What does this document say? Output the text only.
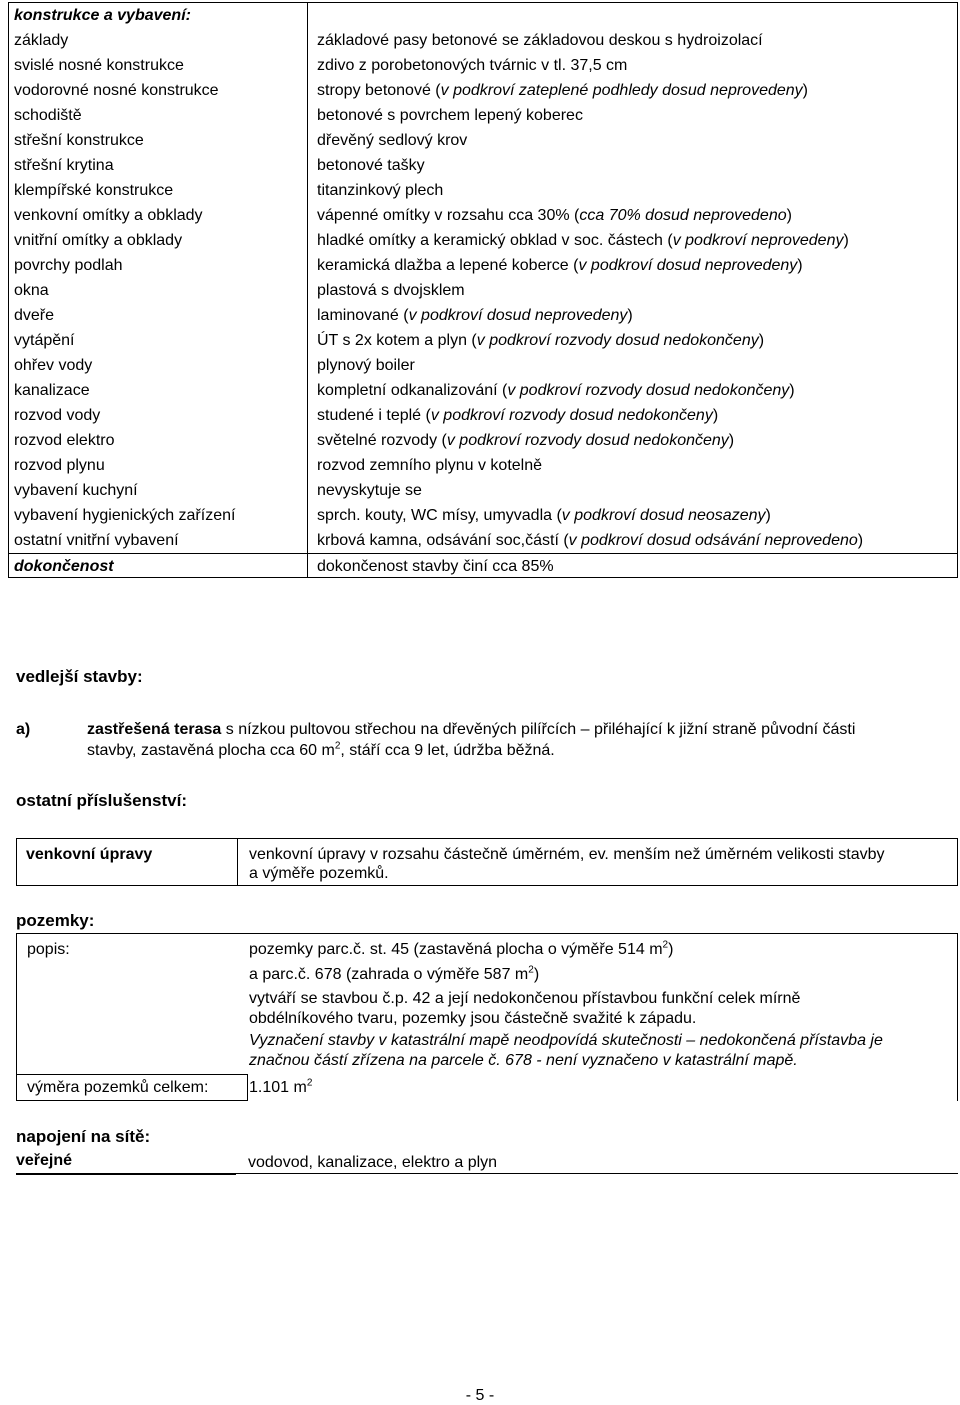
konstrukce a vybavení:
základy	základové pasy betonové se základovou deskou s hydroizolací
svislé nosné konstrukce	zdivo z porobetonových tvárnic v tl. 37,5 cm
vodorovné nosné konstrukce	stropy betonové (v podkroví zateplené podhledy dosud neprovedeny)
schodiště	betonové s povrchem lepený koberec
střešní konstrukce	dřevěný sedlový krov
střešní krytina	betonové tašky
klempířské konstrukce	titanzinkový plech
venkovní omítky a obklady	vápenné omítky v rozsahu cca 30% (cca 70% dosud neprovedeno)
vnitřní omítky a obklady	hladké omítky a keramický obklad v soc. částech (v podkroví neprovedeny)
povrchy podlah	keramická dlažba a lepené koberce (v podkroví dosud neprovedeny)
okna	plastová s dvojsklem
dveře	laminované (v podkroví dosud neprovedeny)
vytápění	ÚT s 2x kotem a plyn (v podkroví rozvody dosud nedokončeny)
ohřev vody	plynový boiler
kanalizace	kompletní odkanalizování (v podkroví rozvody dosud nedokončeny)
rozvod vody	studené i teplé (v podkroví rozvody dosud nedokončeny)
rozvod elektro	světelné rozvody (v podkroví rozvody dosud nedokončeny)
rozvod plynu	rozvod zemního plynu v kotelně
vybavení kuchyní	nevyskytuje se
vybavení hygienických zařízení	sprch. kouty, WC mísy, umyvadla (v podkroví dosud neosazeny)
ostatní vnitřní vybavení	krbová kamna, odsávání soc,částí (v podkroví dosud odsávání neprovedeno)
dokončenost	dokončenost stavby činí cca 85%
vedlejší stavby:
a)	zastřešená terasa s nízkou pultovou střechou na dřevěných pilířcích – přiléhající k jižní straně původní části
stavby, zastavěná plocha cca 60 $m^2$, stáří cca 9 let, údržba běžná.
ostatní příslušenství:
venkovní úpravy	venkovní úpravy v rozsahu částečně úměrném, ev. menším než úměrném velikosti stavby
a výměře pozemků.
pozemky:
popis:	pozemky parc.č. st. 45 (zastavěná plocha o výměře 514 $m^2$)
a parc.č. 678 (zahrada o výměře 587 $m^2$)
vytváří se stavbou č.p. 42 a její nedokončenou přístavbou funkční celek mírně
obdélníkového tvaru, pozemky jsou částečně svažité k západu.
Vyznačení stavby v katastrální mapě neodpovídá skutečnosti – nedokončená přístavba je
značnou částí zřízena na parcele č. 678 - není vyznačeno v katastrální mapě.
výměra pozemků celkem:	1.101 $m^2$
napojení na sítě:
veřejné	vodovod, kanalizace, elektro a plyn
- 5 -
